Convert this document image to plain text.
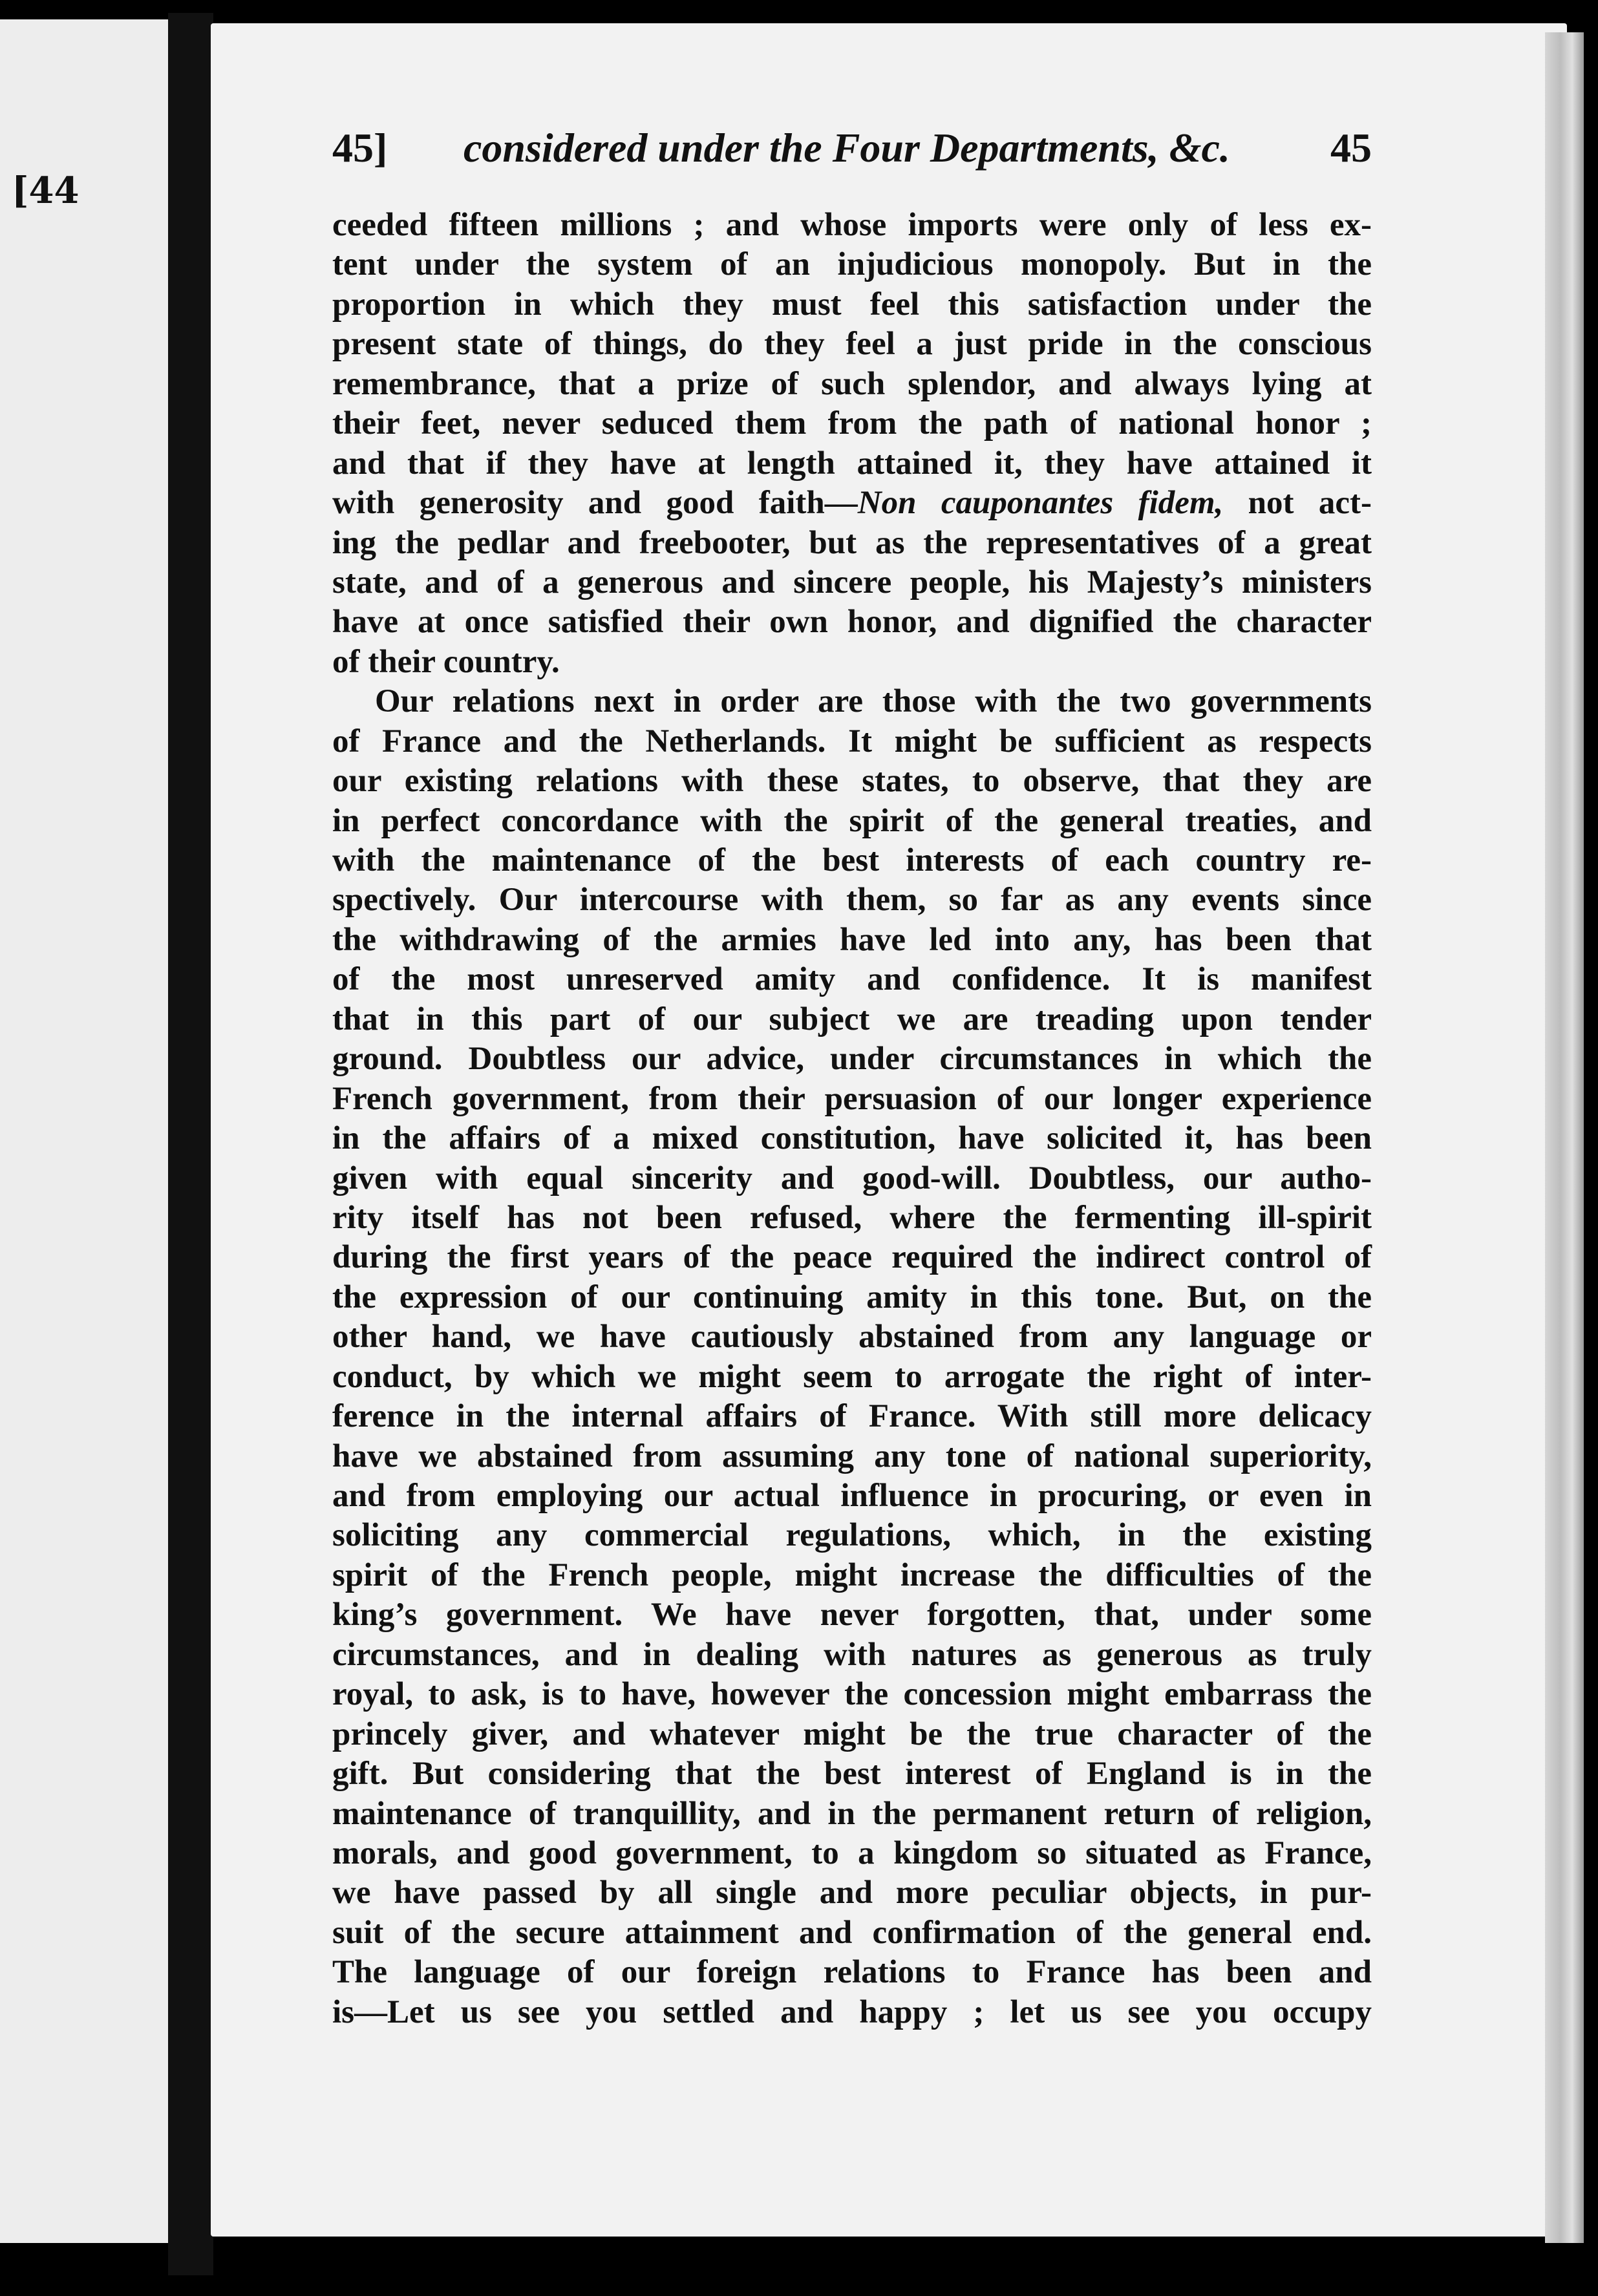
[44
45] considered under the Four Departments, &c. 45
ceeded fifteen millions ; and whose imports were only of less ex-
tent under the system of an injudicious monopoly. But in the
proportion in which they must feel this satisfaction under the
present state of things, do they feel a just pride in the conscious
remembrance, that a prize of such splendor, and always lying at
their feet, never seduced them from the path of national honor ;
and that if they have at length attained it, they have attained it
with generosity and good faith—Non cauponantes fidem, not act-
ing the pedlar and freebooter, but as the representatives of a great
state, and of a generous and sincere people, his Majesty’s ministers
have at once satisfied their own honor, and dignified the character
of their country.
Our relations next in order are those with the two governments
of France and the Netherlands. It might be sufficient as respects
our existing relations with these states, to observe, that they are
in perfect concordance with the spirit of the general treaties, and
with the maintenance of the best interests of each country re-
spectively. Our intercourse with them, so far as any events since
the withdrawing of the armies have led into any, has been that
of the most unreserved amity and confidence. It is manifest
that in this part of our subject we are treading upon tender
ground. Doubtless our advice, under circumstances in which the
French government, from their persuasion of our longer experience
in the affairs of a mixed constitution, have solicited it, has been
given with equal sincerity and good-will. Doubtless, our autho-
rity itself has not been refused, where the fermenting ill-spirit
during the first years of the peace required the indirect control of
the expression of our continuing amity in this tone. But, on the
other hand, we have cautiously abstained from any language or
conduct, by which we might seem to arrogate the right of inter-
ference in the internal affairs of France. With still more delicacy
have we abstained from assuming any tone of national superiority,
and from employing our actual influence in procuring, or even in
soliciting any commercial regulations, which, in the existing
spirit of the French people, might increase the difficulties of the
king’s government. We have never forgotten, that, under some
circumstances, and in dealing with natures as generous as truly
royal, to ask, is to have, however the concession might embarrass the
princely giver, and whatever might be the true character of the
gift. But considering that the best interest of England is in the
maintenance of tranquillity, and in the permanent return of religion,
morals, and good government, to a kingdom so situated as France,
we have passed by all single and more peculiar objects, in pur-
suit of the secure attainment and confirmation of the general end.
The language of our foreign relations to France has been and
is—Let us see you settled and happy ; let us see you occupy
